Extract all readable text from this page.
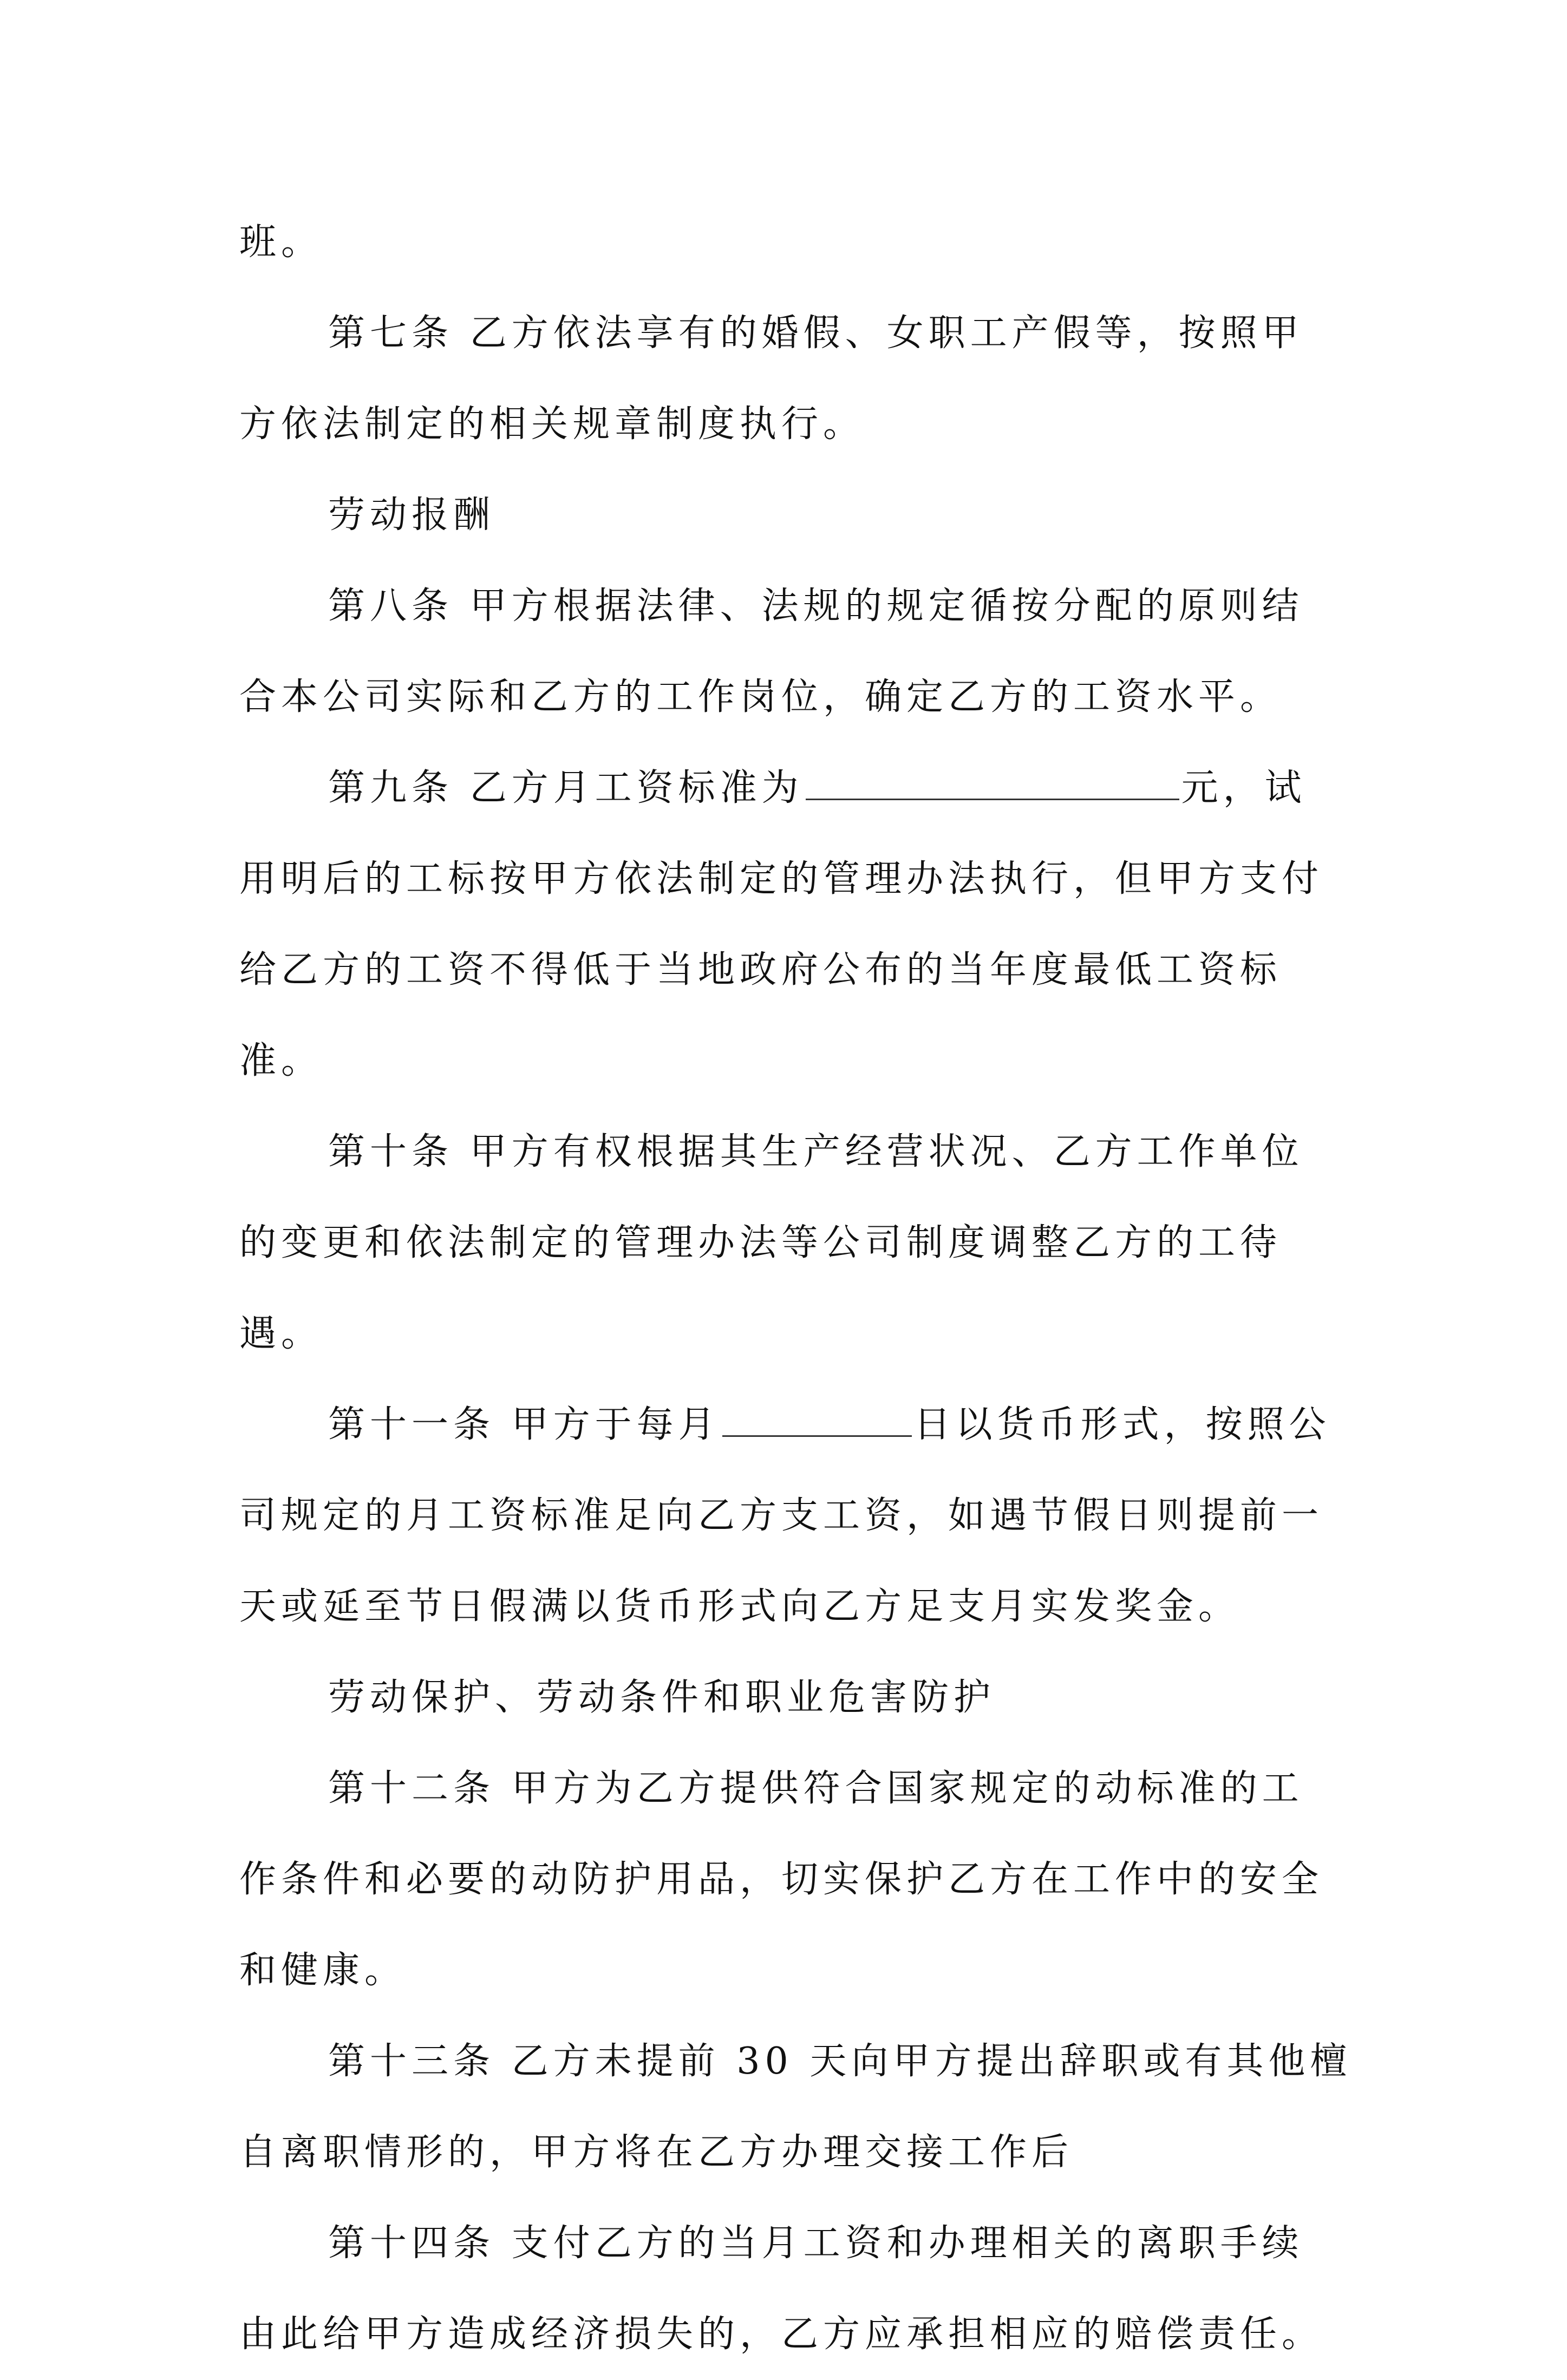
班。
第七条 乙方依法享有的婚假、女职工产假等，按照甲
方依法制定的相关规章制度执行。
劳动报酬
第八条 甲方根据法律、法规的规定循按分配的原则结
合本公司实际和乙方的工作岗位，确定乙方的工资水平。
第九条 乙方月工资标准为	元，试
用明后的工标按甲方依法制定的管理办法执行，但甲方支付
给乙方的工资不得低于当地政府公布的当年度最低工资标
准。
第十条 甲方有权根据其生产经营状况、乙方工作单位
的变更和依法制定的管理办法等公司制度调整乙方的工待
遇。
第十一条 甲方于每月	日以货币形式，按照公
司规定的月工资标准足向乙方支工资，如遇节假日则提前一
天或延至节日假满以货币形式向乙方足支月实发奖金。
劳动保护、劳动条件和职业危害防护
第十二条 甲方为乙方提供符合国家规定的动标准的工
作条件和必要的动防护用品，切实保护乙方在工作中的安全
和健康。
第十三条 乙方未提前 30 天向甲方提出辞职或有其他檀
自离职情形的，甲方将在乙方办理交接工作后
第十四条 支付乙方的当月工资和办理相关的离职手续
由此给甲方造成经济损失的，乙方应承担相应的赔偿责任。
